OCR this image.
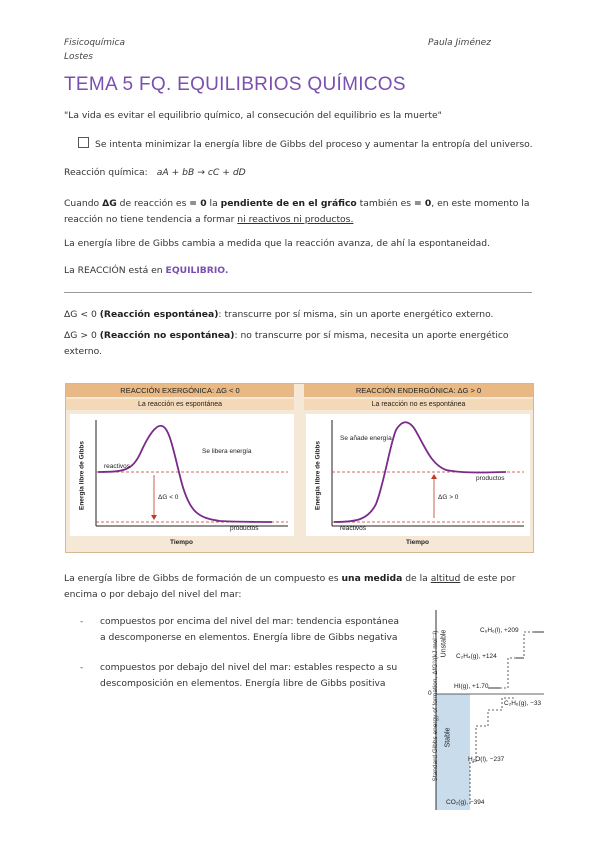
Fisicoquímica
Lostes
Paula Jiménez
TEMA 5 FQ. EQUILIBRIOS QUÍMICOS
"La vida es evitar el equilibrio químico, al consecución del equilibrio es la muerte"
Se intenta minimizar la energía libre de Gibbs del proceso y aumentar la entropía del universo.
Reacción química: aA + bB → cC + dD
Cuando ΔG de reacción es = 0 la pendiente de en el gráfico también es = 0, en este momento la
reacción no tiene tendencia a formar ni reactivos ni productos.
La energía libre de Gibbs cambia a medida que la reacción avanza, de ahí la espontaneidad.
La REACCIÓN está en EQUILIBRIO.
ΔG < 0 (Reacción espontánea): transcurre por sí misma, sin un aporte energético externo.
ΔG > 0 (Reacción no espontánea): no transcurre por sí misma, necesita un aporte energético
externo.
REACCIÓN EXERGÓNICA: ΔG < 0
La reacción es espontánea
REACCIÓN ENDERGÓNICA: ΔG > 0
La reacción no es espontánea
reactivos
productos
Se libera energía
ΔG < 0
Energía libre de Gibbs
Tiempo
reactivos
productos
Se añade energía
ΔG > 0
Energía libre de Gibbs
Tiempo
La energía libre de Gibbs de formación de un compuesto es una medida de la altitud de este por
encima o por debajo del nivel del mar:
- compuestos por encima del nivel del mar: tendencia espontánea
a descomponerse en elementos. Energía libre de Gibbs negativa
- compuestos por debajo del nivel del mar: estables respecto a su
descomposición en elementos. Energía libre de Gibbs positiva	Standard Gibbs energy of formation, ΔfG°/(kJ mol⁻¹) Unstable
Stable
0
C₆H₆(l), +209
C₂H₄(g), +124
HI(g), +1.70
C₂H₆(g), −33
H₂O(l), −237
CO₂(g), −394
